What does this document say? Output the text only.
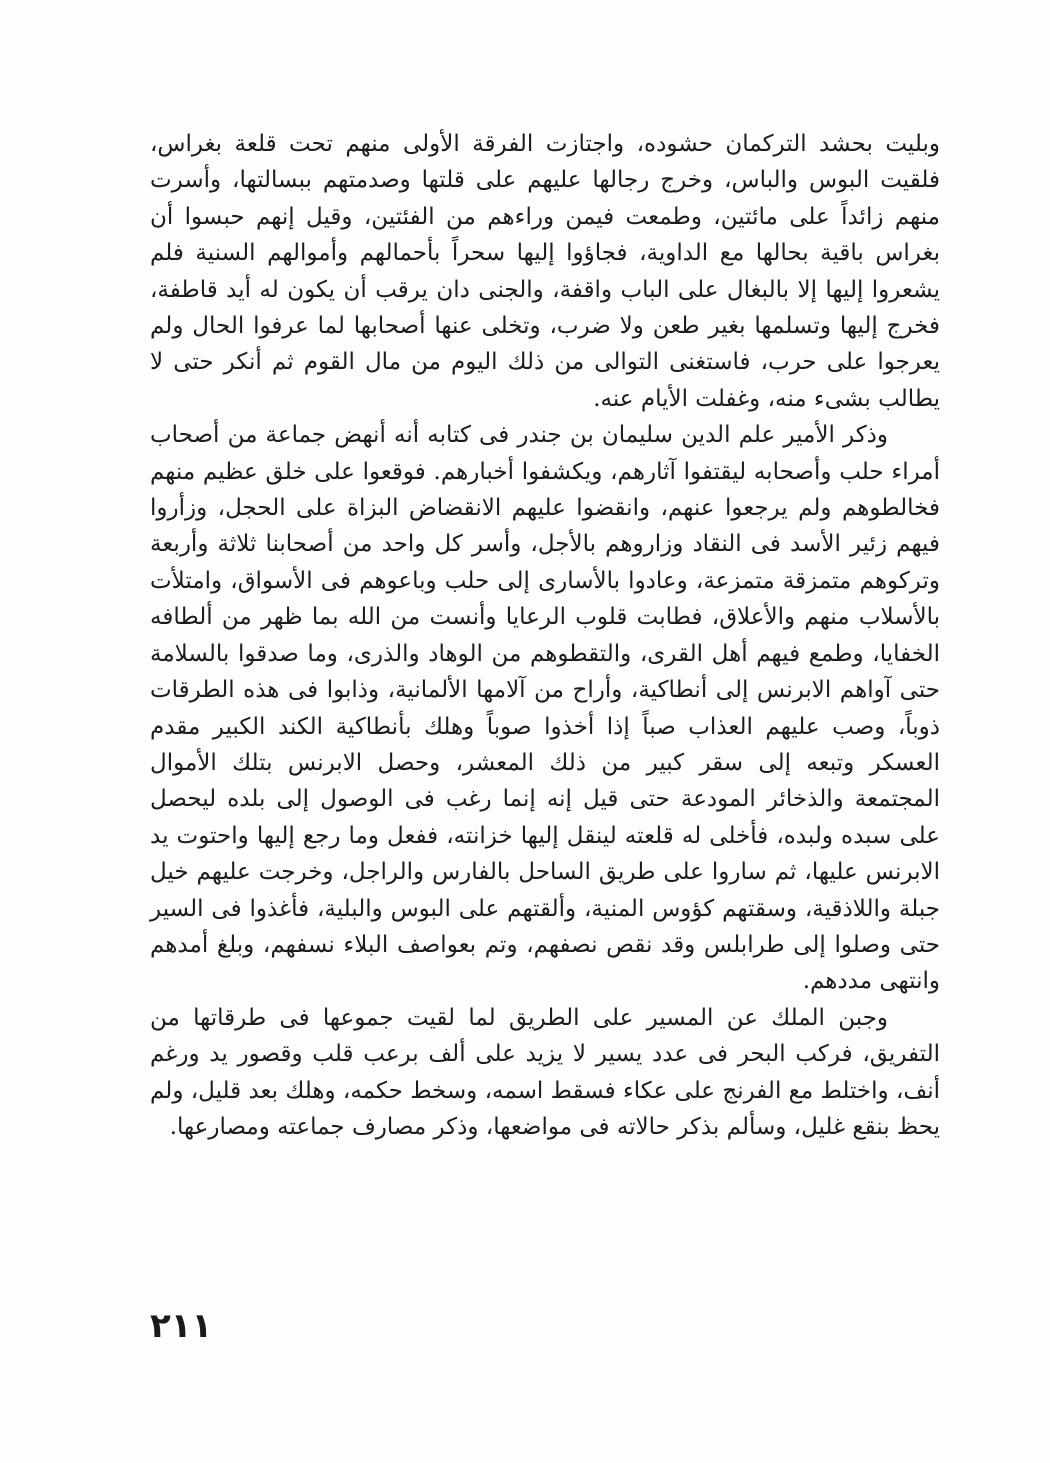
وبليت بحشد التركمان حشوده، واجتازت الفرقة الأولى منهم تحت قلعة بغراس، فلقيت البوس والباس، وخرج رجالها عليهم على قلتها وصدمتهم ببسالتها، وأسرت منهم زائداً على مائتين، وطمعت فيمن وراءهم من الفئتين، وقيل إنهم حبسوا أن بغراس باقية بحالها مع الداوية، فجاؤوا إليها سحراً بأحمالهم وأموالهم السنية فلم يشعروا إليها إلا بالبغال على الباب واقفة، والجنى دان يرقب أن يكون له أيد قاطفة، فخرج إليها وتسلمها بغير طعن ولا ضرب، وتخلى عنها أصحابها لما عرفوا الحال ولم يعرجوا على حرب، فاستغنى التوالى من ذلك اليوم من مال القوم ثم أنكر حتى لا يطالب بشىء منه، وغفلت الأيام عنه.

وذكر الأمير علم الدين سليمان بن جندر فى كتابه أنه أنهض جماعة من أصحاب أمراء حلب وأصحابه ليقتفوا آثارهم، ويكشفوا أخبارهم. فوقعوا على خلق عظيم منهم فخالطوهم ولم يرجعوا عنهم، وانقضوا عليهم الانقضاض البزاة على الحجل، وزأروا فيهم زئير الأسد فى النقاد وزاروهم بالأجل، وأسر كل واحد من أصحابنا ثلاثة وأربعة وتركوهم متمزقة متمزعة، وعادوا بالأسارى إلى حلب وباعوهم فى الأسواق، وامتلأت بالأسلاب منهم والأعلاق، فطابت قلوب الرعايا وأنست من الله بما ظهر من ألطافه الخفايا، وطمع فيهم أهل القرى، والتقطوهم من الوهاد والذرى، وما صدقوا بالسلامة حتى آواهم الابرنس إلى أنطاكية، وأراح من آلامها الألمانية، وذابوا فى هذه الطرقات ذوباً، وصب عليهم العذاب صباً إذا أخذوا صوباً وهلك بأنطاكية الكند الكبير مقدم العسكر وتبعه إلى سقر كبير من ذلك المعشر، وحصل الابرنس بتلك الأموال المجتمعة والذخائر المودعة حتى قيل إنه إنما رغب فى الوصول إلى بلده ليحصل على سبده ولبده، فأخلى له قلعته لينقل إليها خزانته، ففعل وما رجع إليها واحتوت يد الابرنس عليها، ثم ساروا على طريق الساحل بالفارس والراجل، وخرجت عليهم خيل جبلة واللاذقية، وسقتهم كؤوس المنية، وألقتهم على البوس والبلية، فأغذوا فى السير حتى وصلوا إلى طرابلس وقد نقص نصفهم، وتم بعواصف البلاء نسفهم، وبلغ أمدهم وانتهى مددهم.

وجبن الملك عن المسير على الطريق لما لقيت جموعها فى طرقاتها من التفريق، فركب البحر فى عدد يسير لا يزيد على ألف برعب قلب وقصور يد ورغم أنف، واختلط مع الفرنج على عكاء فسقط اسمه، وسخط حكمه، وهلك بعد قليل، ولم يحظ بنقع غليل، وسألم بذكر حالاته فى مواضعها، وذكر مصارف جماعته ومصارعها.

٢١١
